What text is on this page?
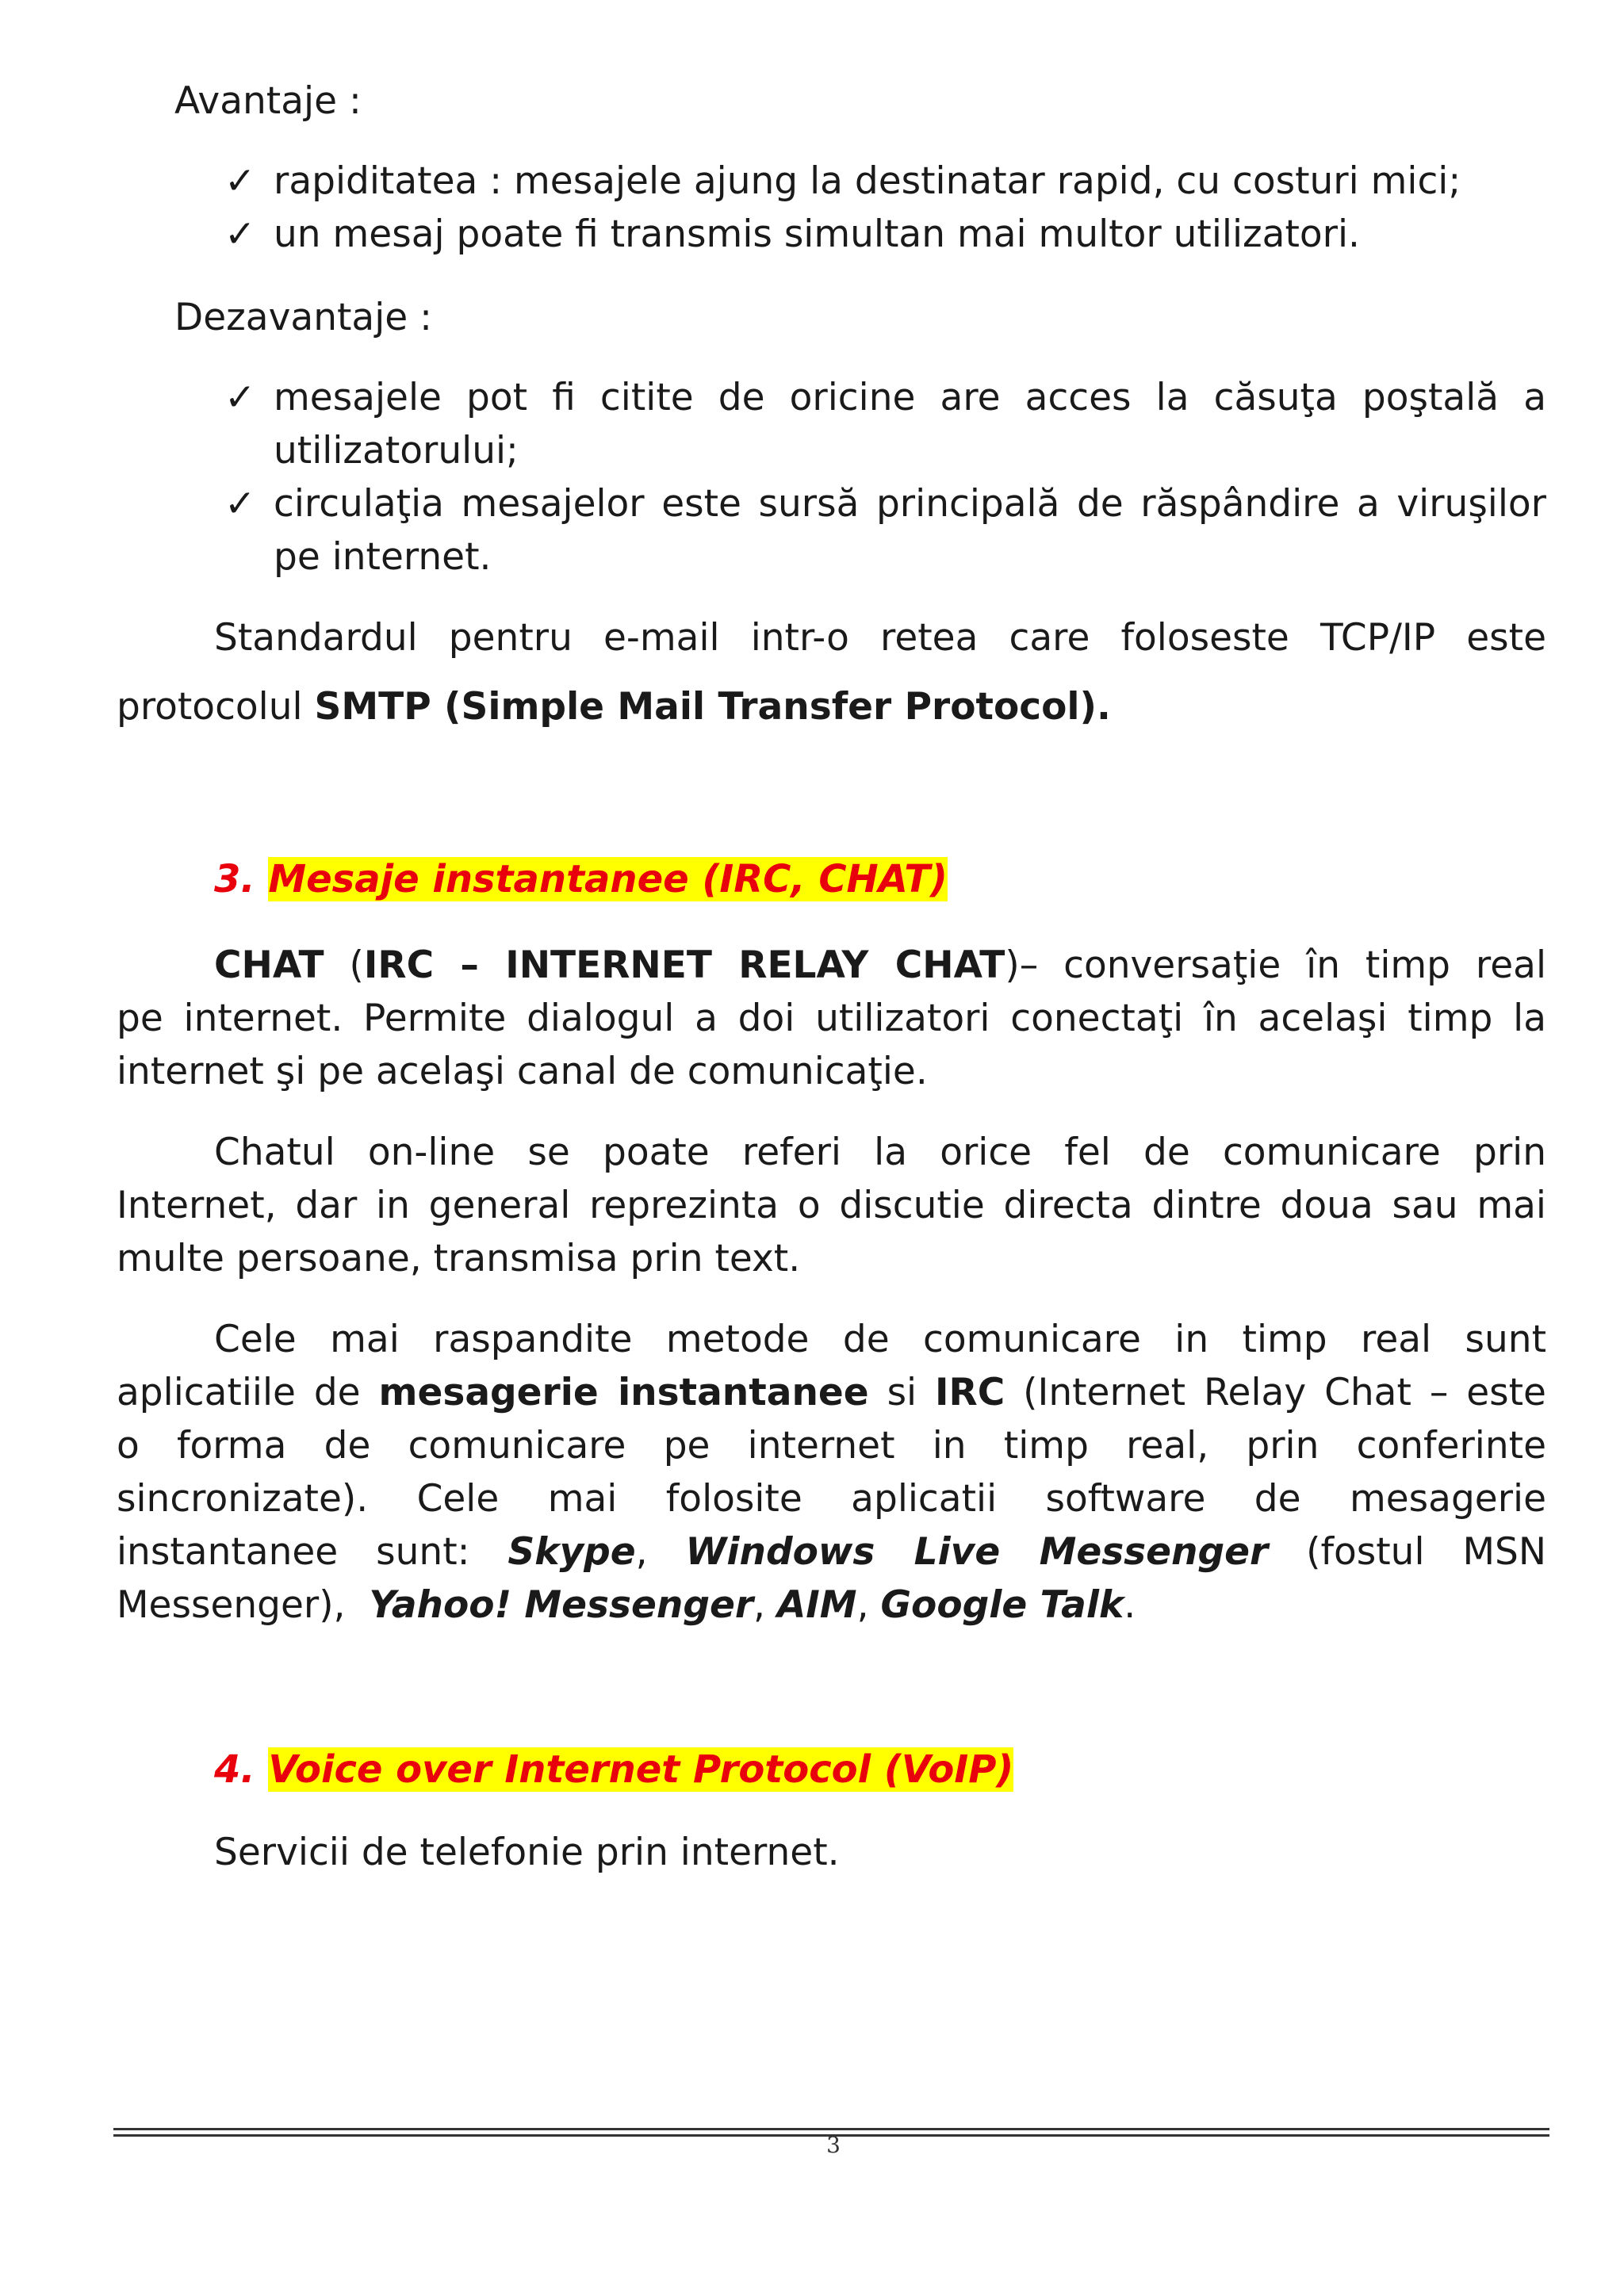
Avantaje :
✓ rapiditatea : mesajele ajung la destinatar rapid, cu costuri mici;
✓ un mesaj poate fi transmis simultan mai multor utilizatori.
Dezavantaje :
✓ mesajele pot fi citite de oricine are acces la căsuţa poştală a
utilizatorului;
✓ circulaţia mesajelor este sursă principală de răspândire a viruşilor
pe internet.
Standardul pentru e-mail intr-o retea care foloseste TCP/IP este
protocolul SMTP (Simple Mail Transfer Protocol).
3. Mesaje instantanee (IRC, CHAT)
CHAT (IRC – INTERNET RELAY CHAT)– conversaţie în timp real
pe internet. Permite dialogul a doi utilizatori conectaţi în acelaşi timp la
internet şi pe acelaşi canal de comunicaţie.
Chatul on-line se poate referi la orice fel de comunicare prin
Internet, dar in general reprezinta o discutie directa dintre doua sau mai
multe persoane, transmisa prin text.
Cele mai raspandite metode de comunicare in timp real sunt
aplicatiile de mesagerie instantanee si IRC (Internet Relay Chat – este
o forma de comunicare pe internet in timp real, prin conferinte
sincronizate). Cele mai folosite aplicatii software de mesagerie
instantanee sunt: Skype, Windows Live Messenger (fostul MSN
Messenger),  Yahoo! Messenger, AIM, Google Talk.
4. Voice over Internet Protocol (VoIP)
Servicii de telefonie prin internet.
3
